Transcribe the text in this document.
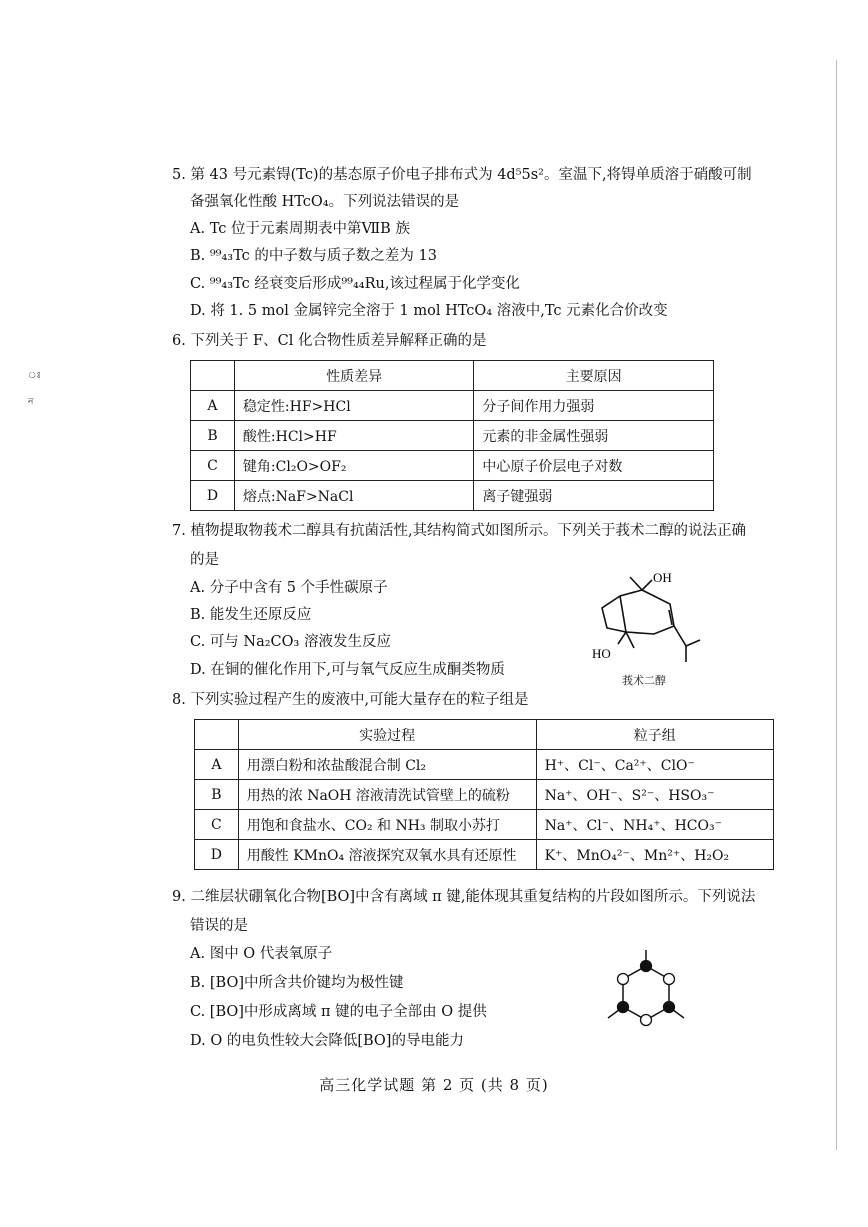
ঃ
ন
5. 第 43 号元素锝(Tc)的基态原子价电子排布式为 4d⁵5s²。室温下,将锝单质溶于硝酸可制
备强氧化性酸 HTcO₄。下列说法错误的是
A. Tc 位于元素周期表中第ⅦB 族
B. ⁹⁹₄₃Tc 的中子数与质子数之差为 13
C. ⁹⁹₄₃Tc 经衰变后形成⁹⁹₄₄Ru,该过程属于化学变化
D. 将 1. 5 mol 金属锌完全溶于 1 mol HTcO₄ 溶液中,Tc 元素化合价改变
6. 下列关于 F、Cl 化合物性质差异解释正确的是
	性质差异	主要原因
A	稳定性:HF>HCl	分子间作用力强弱
B	酸性:HCl>HF	元素的非金属性强弱
C	键角:Cl₂O>OF₂	中心原子价层电子对数
D	熔点:NaF>NaCl	离子键强弱
7. 植物提取物莪术二醇具有抗菌活性,其结构简式如图所示。下列关于莪术二醇的说法正确
的是
A. 分子中含有 5 个手性碳原子
B. 能发生还原反应
C. 可与 Na₂CO₃ 溶液发生反应
D. 在铜的催化作用下,可与氧气反应生成酮类物质
OH
HO
莪术二醇
8. 下列实验过程产生的废液中,可能大量存在的粒子组是
	实验过程	粒子组
A	用漂白粉和浓盐酸混合制 Cl₂	H⁺、Cl⁻、Ca²⁺、ClO⁻
B	用热的浓 NaOH 溶液清洗试管壁上的硫粉	Na⁺、OH⁻、S²⁻、HSO₃⁻
C	用饱和食盐水、CO₂ 和 NH₃ 制取小苏打	Na⁺、Cl⁻、NH₄⁺、HCO₃⁻
D	用酸性 KMnO₄ 溶液探究双氧水具有还原性	K⁺、MnO₄²⁻、Mn²⁺、H₂O₂
9. 二维层状硼氧化合物[BO]中含有离域 π 键,能体现其重复结构的片段如图所示。下列说法
错误的是
A. 图中 O 代表氧原子
B. [BO]中所含共价键均为极性键
C. [BO]中形成离域 π 键的电子全部由 O 提供
D. O 的电负性较大会降低[BO]的导电能力
高三化学试题 第 2 页 (共 8 页)
